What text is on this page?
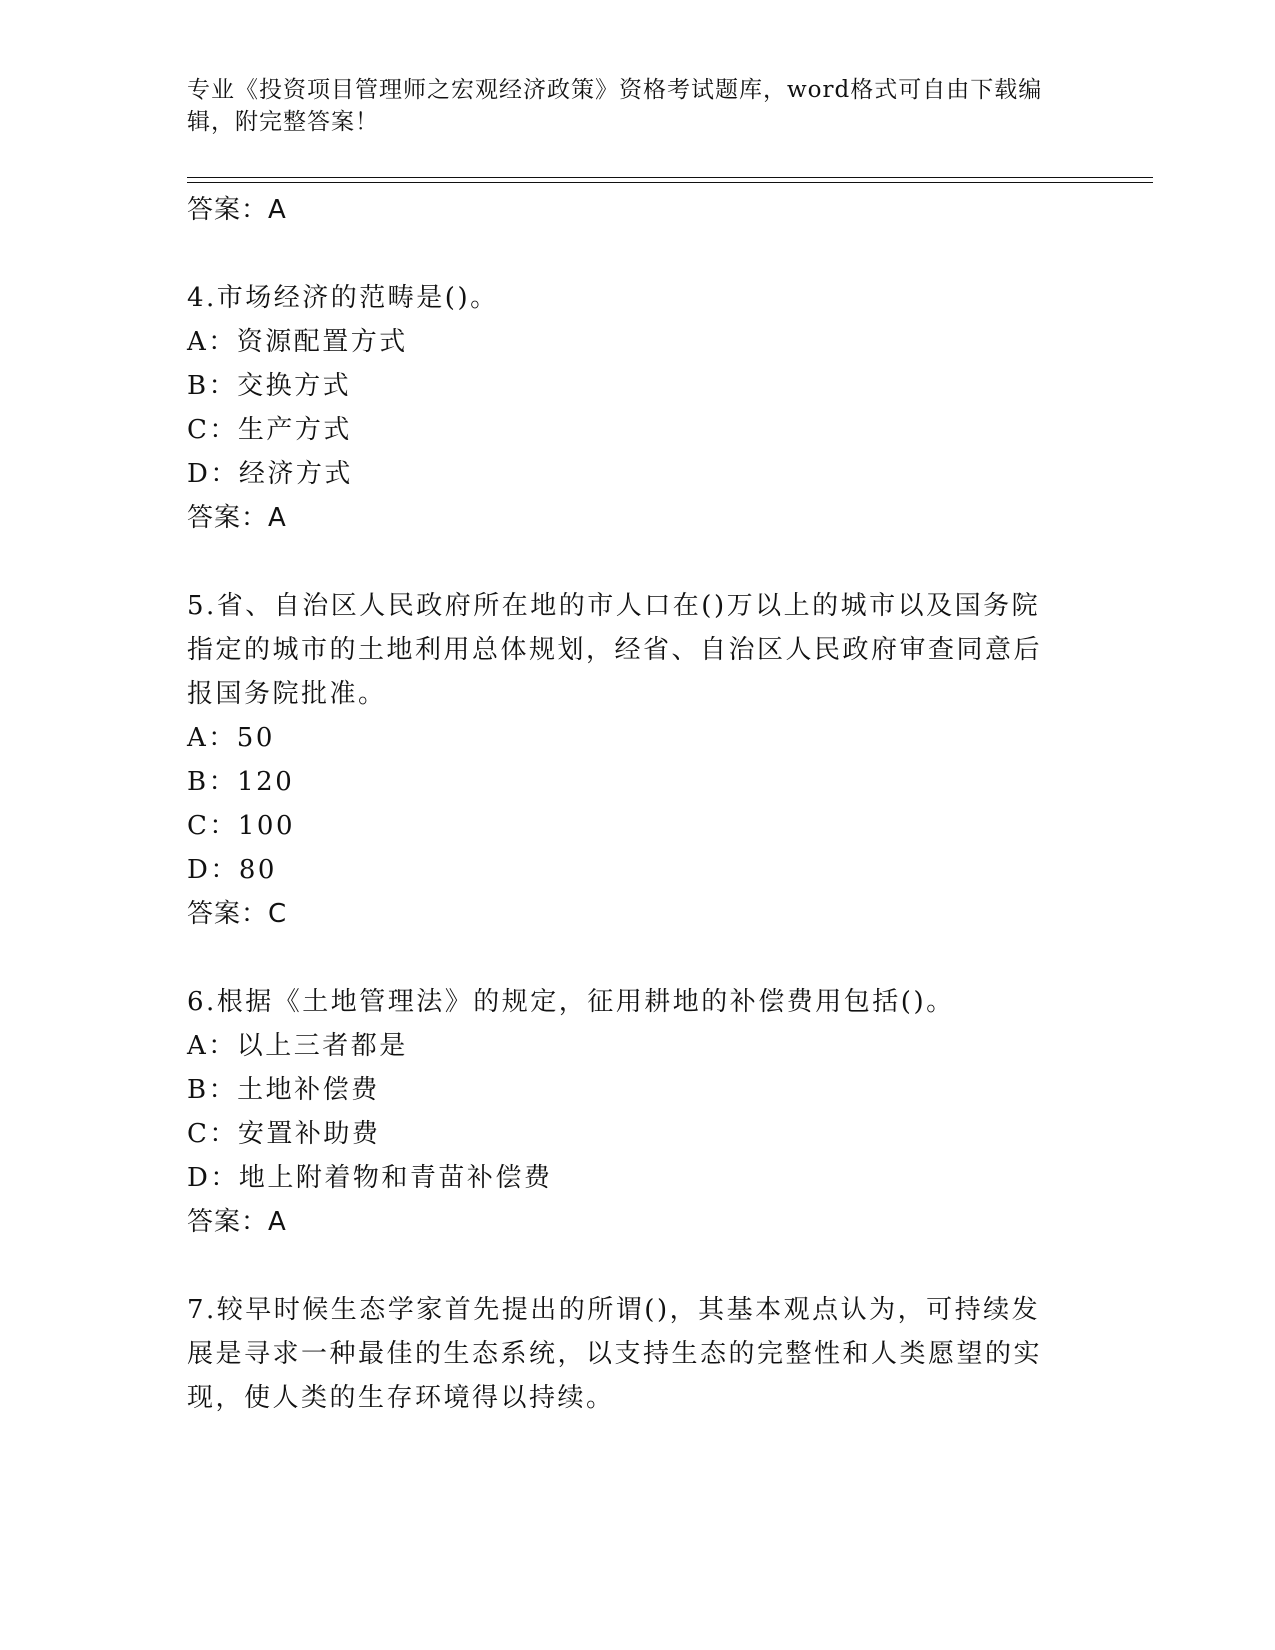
专业《投资项目管理师之宏观经济政策》资格考试题库，word格式可自由下载编
辑，附完整答案！
答案：A
4.市场经济的范畴是()。
A：资源配置方式
B：交换方式
C：生产方式
D：经济方式
答案：A
5.省、自治区人民政府所在地的市人口在()万以上的城市以及国务院
指定的城市的土地利用总体规划，经省、自治区人民政府审查同意后
报国务院批准。
A：50
B：120
C：100
D：80
答案：C
6.根据《土地管理法》的规定，征用耕地的补偿费用包括()。
A：以上三者都是
B：土地补偿费
C：安置补助费
D：地上附着物和青苗补偿费
答案：A
7.较早时候生态学家首先提出的所谓()，其基本观点认为，可持续发
展是寻求一种最佳的生态系统，以支持生态的完整性和人类愿望的实
现，使人类的生存环境得以持续。
